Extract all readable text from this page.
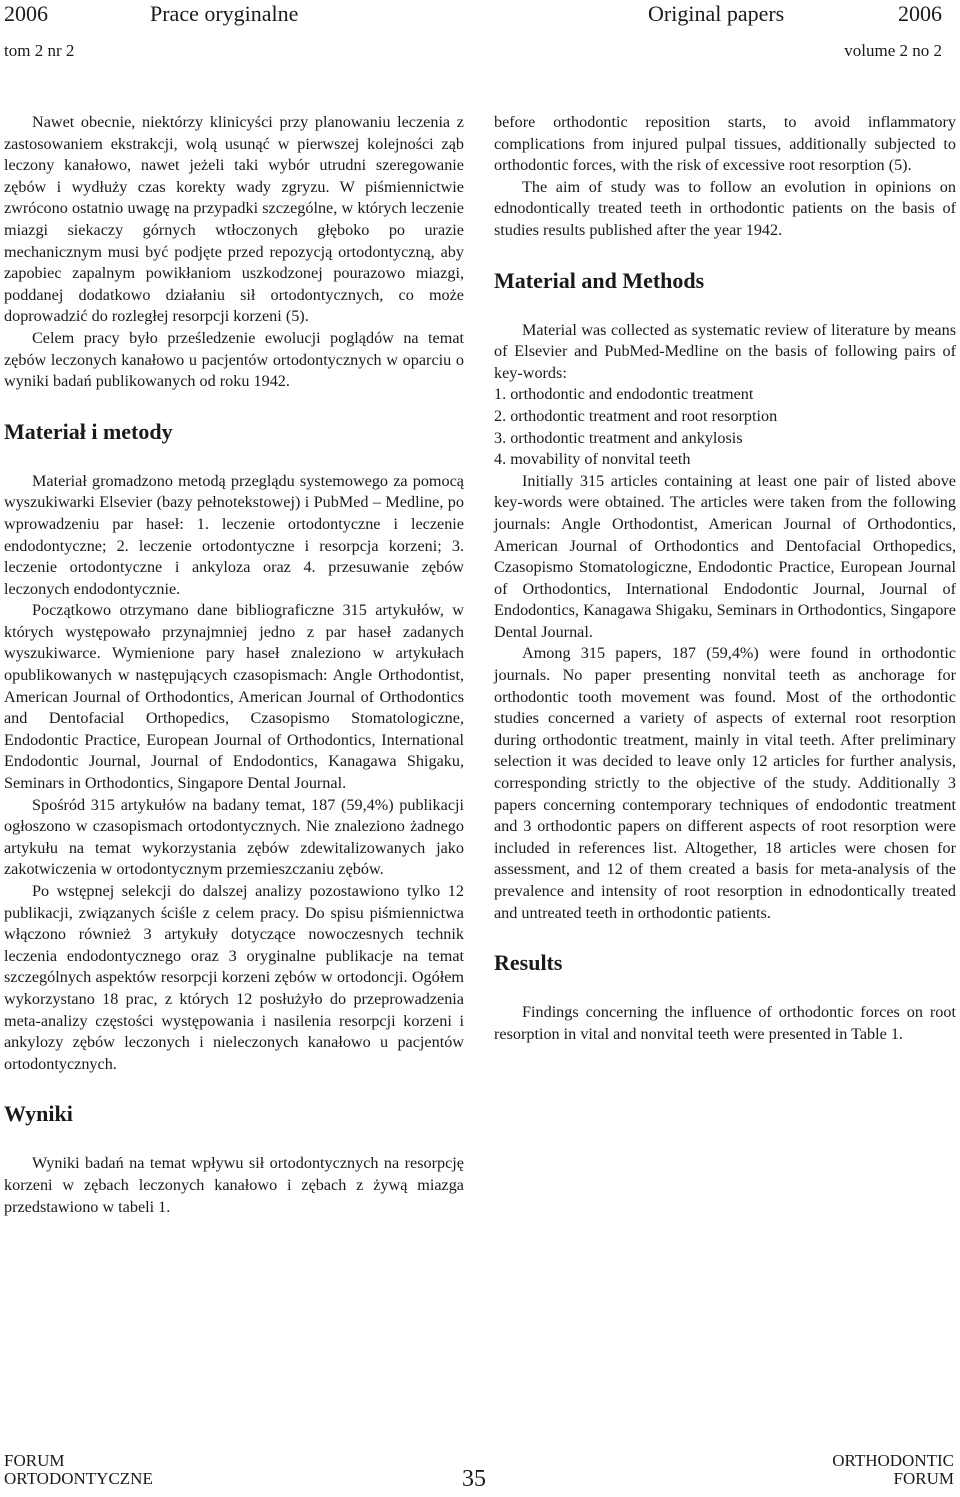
2006	Prace oryginalne	Original papers	2006
tom 2 nr 2	volume 2 no 2

Nawet obecnie, niektórzy klinicyści przy planowaniu leczenia z zastosowaniem ekstrakcji, wolą usunąć w pierwszej kolejności ząb leczony kanałowo, nawet jeżeli taki wybór utrudni szeregowanie zębów i wydłuży czas korekty wady zgryzu. W piśmiennictwie zwrócono ostatnio uwagę na przypadki szczególne, w których leczenie miazgi siekaczy górnych wtłoczonych głęboko po urazie mechanicznym musi być podjęte przed repozycją ortodontyczną, aby zapobiec zapalnym powikłaniom uszkodzonej pourazowo miazgi, poddanej dodatkowo działaniu sił ortodontycznych, co może doprowadzić do rozległej resorpcji korzeni (5).

Celem pracy było prześledzenie ewolucji poglądów na temat zębów leczonych kanałowo u pacjentów ortodontycznych w oparciu o wyniki badań publikowanych od roku 1942.

Materiał i metody

Materiał gromadzono metodą przeglądu systemowego za pomocą wyszukiwarki Elsevier (bazy pełnotekstowej) i PubMed – Medline, po wprowadzeniu par haseł: 1. leczenie ortodontyczne i leczenie endodontyczne; 2. leczenie ortodontyczne i resorpcja korzeni; 3. leczenie ortodontyczne i ankyloza oraz 4. przesuwanie zębów leczonych endodontycznie.

Początkowo otrzymano dane bibliograficzne 315 artykułów, w których występowało przynajmniej jedno z par haseł zadanych wyszukiwarce. Wymienione pary haseł znaleziono w artykułach opublikowanych w następujących czasopismach: Angle Orthodontist, American Journal of Orthodontics, American Journal of Orthodontics and Dentofacial Orthopedics, Czasopismo Stomatologiczne, Endodontic Practice, European Journal of Orthodontics, International Endodontic Journal, Journal of Endodontics, Kanagawa Shigaku, Seminars in Orthodontics, Singapore Dental Journal.

Spośród 315 artykułów na badany temat, 187 (59,4%) publikacji ogłoszono w czasopismach ortodontycznych. Nie znaleziono żadnego artykułu na temat wykorzystania zębów zdewitalizowanych jako zakotwiczenia w ortodontycznym przemieszczaniu zębów.

Po wstępnej selekcji do dalszej analizy pozostawiono tylko 12 publikacji, związanych ściśle z celem pracy. Do spisu piśmiennictwa włączono również 3 artykuły dotyczące nowoczesnych technik leczenia endodontycznego oraz 3 oryginalne publikacje na temat szczególnych aspektów resorpcji korzeni zębów w ortodoncji. Ogółem wykorzystano 18 prac, z których 12 posłużyło do przeprowadzenia meta-analizy częstości występowania i nasilenia resorpcji korzeni i ankylozy zębów leczonych i nieleczonych kanałowo u pacjentów ortodontycznych.

Wyniki

Wyniki badań na temat wpływu sił ortodontycznych na resorpcję korzeni w zębach leczonych kanałowo i zębach z żywą miazga przedstawiono w tabeli 1.

before orthodontic reposition starts, to avoid inflammatory complications from injured pulpal tissues, additionally subjected to orthodontic forces, with the risk of excessive root resorption (5).

The aim of study was to follow an evolution in opinions on ednodontically treated teeth in orthodontic patients on the basis of studies results published after the year 1942.

Material and Methods

Material was collected as systematic review of literature by means of Elsevier and PubMed-Medline on the basis of following pairs of key-words:

1. orthodontic and endodontic treatment

2. orthodontic treatment and root resorption

3. orthodontic treatment and ankylosis

4. movability of nonvital teeth

Initially 315 articles containing at least one pair of listed above key-words were obtained. The articles were taken from the following journals: Angle Orthodontist, American Journal of Orthodontics, American Journal of Orthodontics and Dentofacial Orthopedics, Czasopismo Stomatologiczne, Endodontic Practice, European Journal of Orthodontics, International Endodontic Journal, Journal of Endodontics, Kanagawa Shigaku, Seminars in Orthodontics, Singapore Dental Journal.

Among 315 papers, 187 (59,4%) were found in orthodontic journals. No paper presenting nonvital teeth as anchorage for orthodontic tooth movement was found. Most of the orthodontic studies concerned a variety of aspects of external root resorption during orthodontic treatment, mainly in vital teeth. After preliminary selection it was decided to leave only 12 articles for further analysis, corresponding strictly to the objective of the study. Additionally 3 papers concerning contemporary techniques of endodontic treatment and 3 orthodontic papers on different aspects of root resorption were included in references list. Altogether, 18 articles were chosen for assessment, and 12 of them created a basis for meta-analysis of the prevalence and intensity of root resorption in ednodontically treated and untreated teeth in orthodontic patients.

Results

Findings concerning the influence of orthodontic forces on root resorption in vital and nonvital teeth were presented in Table 1.

FORUM
ORTODONTYCZNE	35
ORTHODONTIC
FORUM
